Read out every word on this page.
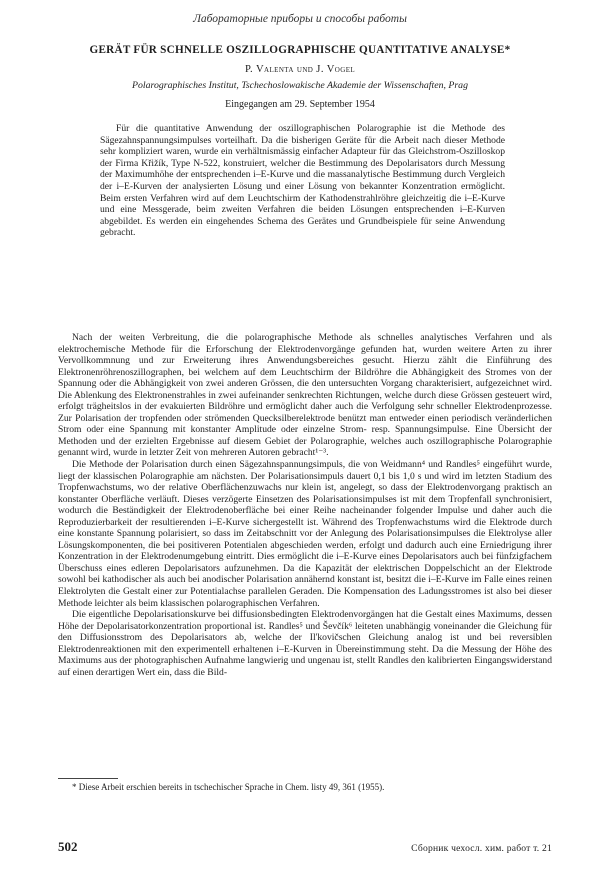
Лабораторные приборы и способы работы
GERÄT FÜR SCHNELLE OSZILLOGRAPHISCHE QUANTITATIVE ANALYSE*
P. Valenta und J. Vogel
Polarographisches Institut, Tschechoslowakische Akademie der Wissenschaften, Prag
Eingegangen am 29. September 1954

Für die quantitative Anwendung der oszillographischen Polarographie ist die Methode des Sägezahnspannungsimpulses vorteilhaft. Da die bisherigen Geräte für die Arbeit nach dieser Methode sehr kompliziert waren, wurde ein verhältnismässig einfacher Adapteur für das Gleichstrom-Oszilloskop der Firma Křižík, Type N-522, konstruiert, welcher die Bestimmung des Depolarisators durch Messung der Maximumhöhe der entsprechenden i–E-Kurve und die massanalytische Bestimmung durch Vergleich der i–E-Kurven der analysierten Lösung und einer Lösung von bekannter Konzentration ermöglicht. Beim ersten Verfahren wird auf dem Leuchtschirm der Kathodenstrahlröhre gleichzeitig die i–E-Kurve und eine Messgerade, beim zweiten Verfahren die beiden Lösungen entsprechenden i–E-Kurven abgebildet. Es werden ein eingehendes Schema des Gerätes und Grundbeispiele für seine Anwendung gebracht.

Nach der weiten Verbreitung, die die polarographische Methode als schnelles analytisches Verfahren und als elektrochemische Methode für die Erforschung der Elektrodenvorgänge gefunden hat, wurden weitere Arten zu ihrer Vervollkommnung und zur Erweiterung ihres Anwendungsbereiches gesucht. Hierzu zählt die Einführung des Elektronenröhrenoszillographen, bei welchem auf dem Leuchtschirm der Bildröhre die Abhängigkeit des Stromes von der Spannung oder die Abhängigkeit von zwei anderen Grössen, die den untersuchten Vorgang charakterisiert, aufgezeichnet wird. Die Ablenkung des Elektronenstrahles in zwei aufeinander senkrechten Richtungen, welche durch diese Grössen gesteuert wird, erfolgt trägheitslos in der evakuierten Bildröhre und ermöglicht daher auch die Verfolgung sehr schneller Elektrodenprozesse. Zur Polarisation der tropfenden oder strömenden Quecksilberelektrode benützt man entweder einen periodisch veränderlichen Strom oder eine Spannung mit konstanter Amplitude oder einzelne Strom- resp. Spannungsimpulse. Eine Übersicht der Methoden und der erzielten Ergebnisse auf diesem Gebiet der Polarographie, welches auch oszillographische Polarographie genannt wird, wurde in letzter Zeit von mehreren Autoren gebracht¹⁻³.

Die Methode der Polarisation durch einen Sägezahnspannungsimpuls, die von Weidmann⁴ und Randles⁵ eingeführt wurde, liegt der klassischen Polarographie am nächsten. Der Polarisationsimpuls dauert 0,1 bis 1,0 s und wird im letzten Stadium des Tropfenwachstums, wo der relative Oberflächenzuwachs nur klein ist, angelegt, so dass der Elektrodenvorgang praktisch an konstanter Oberfläche verläuft. Dieses verzögerte Einsetzen des Polarisationsimpulses ist mit dem Tropfenfall synchronisiert, wodurch die Beständigkeit der Elektrodenoberfläche bei einer Reihe nacheinander folgender Impulse und daher auch die Reproduzierbarkeit der resultierenden i–E-Kurve sichergestellt ist. Während des Tropfenwachstums wird die Elektrode durch eine konstante Spannung polarisiert, so dass im Zeitabschnitt vor der Anlegung des Polarisationsimpulses die Elektrolyse aller Lösungskomponenten, die bei positiveren Potentialen abgeschieden werden, erfolgt und dadurch auch eine Erniedrigung ihrer Konzentration in der Elektrodenumgebung eintritt. Dies ermöglicht die i–E-Kurve eines Depolarisators auch bei fünfzigfachem Überschuss eines edleren Depolarisators aufzunehmen. Da die Kapazität der elektrischen Doppelschicht an der Elektrode sowohl bei kathodischer als auch bei anodischer Polarisation annähernd konstant ist, besitzt die i–E-Kurve im Falle eines reinen Elektrolyten die Gestalt einer zur Potentialachse parallelen Geraden. Die Kompensation des Ladungsstromes ist also bei dieser Methode leichter als beim klassischen polarographischen Verfahren.

Die eigentliche Depolarisationskurve bei diffusionsbedingten Elektrodenvorgängen hat die Gestalt eines Maximums, dessen Höhe der Depolarisatorkonzentration proportional ist. Randles⁵ und Ševčík⁶ leiteten unabhängig voneinander die Gleichung für den Diffusionsstrom des Depolarisators ab, welche der Il'kovičschen Gleichung analog ist und bei reversiblen Elektrodenreaktionen mit den experimentell erhaltenen i–E-Kurven in Übereinstimmung steht. Da die Messung der Höhe des Maximums aus der photographischen Aufnahme langwierig und ungenau ist, stellt Randles den kalibrierten Eingangswiderstand auf einen derartigen Wert ein, dass die Bild-

* Diese Arbeit erschien bereits in tschechischer Sprache in Chem. listy 49, 361 (1955).
502	Сборник чехосл. хим. работ т. 21
